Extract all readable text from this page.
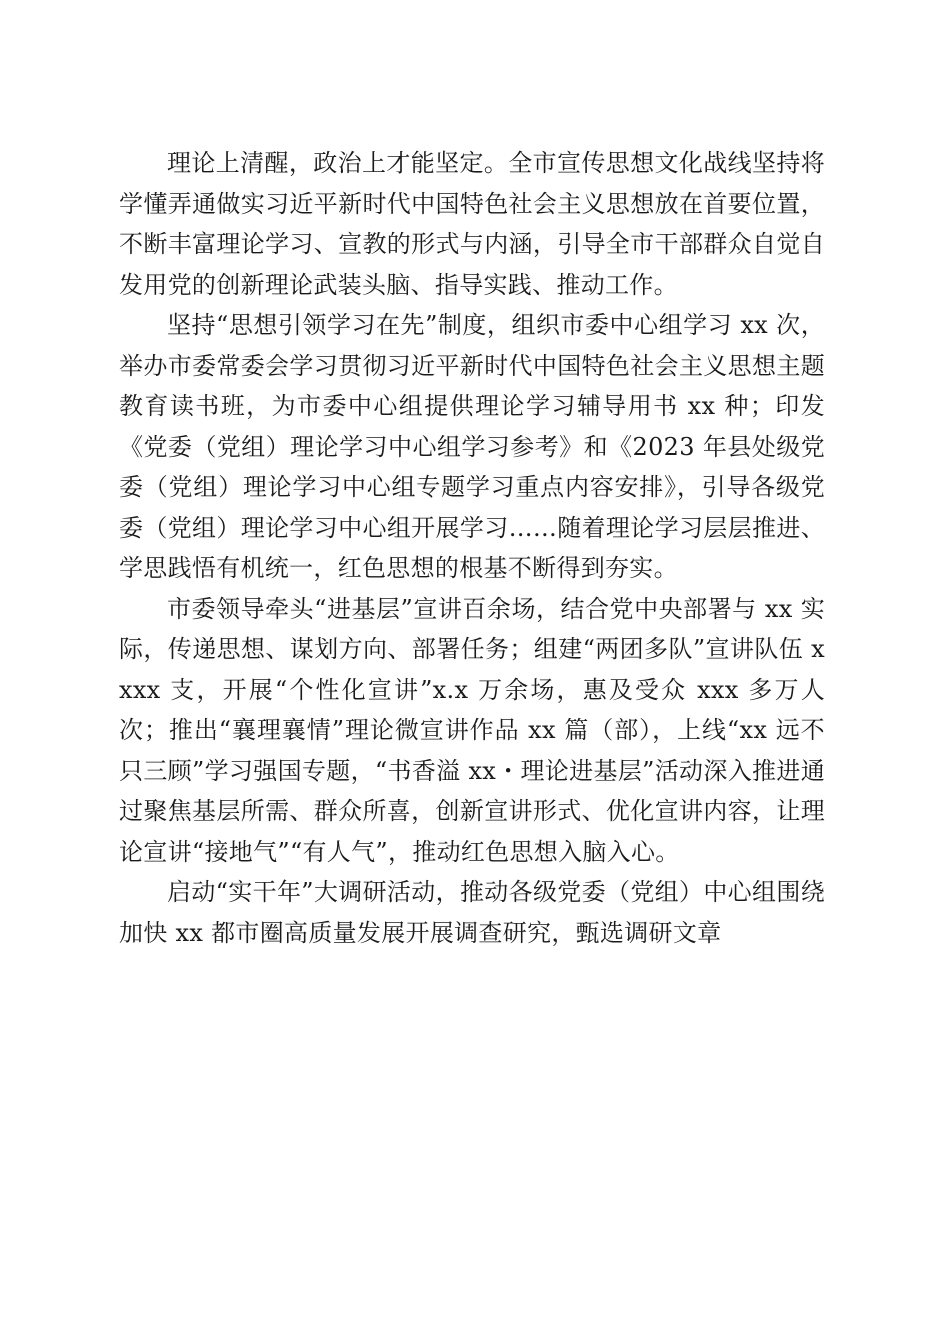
理论上清醒，政治上才能坚定。全市宣传思想文化战线坚持将学懂弄通做实习近平新时代中国特色社会主义思想放在首要位置，不断丰富理论学习、宣教的形式与内涵，引导全市干部群众自觉自发用党的创新理论武装头脑、指导实践、推动工作。

坚持“思想引领学习在先”制度，组织市委中心组学习 xx 次，举办市委常委会学习贯彻习近平新时代中国特色社会主义思想主题教育读书班，为市委中心组提供理论学习辅导用书 xx 种；印发《党委（党组）理论学习中心组学习参考》和《2023 年县处级党委（党组）理论学习中心组专题学习重点内容安排》，引导各级党委（党组）理论学习中心组开展学习……随着理论学习层层推进、学思践悟有机统一，红色思想的根基不断得到夯实。

市委领导牵头“进基层”宣讲百余场，结合党中央部署与 xx 实际，传递思想、谋划方向、部署任务；组建“两团多队”宣讲队伍 xxxx 支，开展“个性化宣讲”x.x 万余场，惠及受众 xxx 多万人次；推出“襄理襄情”理论微宣讲作品 xx 篇（部），上线“xx 远不只三顾”学习强国专题，“书香溢 xx・理论进基层”活动深入推进通过聚焦基层所需、群众所喜，创新宣讲形式、优化宣讲内容，让理论宣讲“接地气”“有人气”，推动红色思想入脑入心。

启动“实干年”大调研活动，推动各级党委（党组）中心组围绕加快 xx 都市圈高质量发展开展调查研究，甄选调研文章
